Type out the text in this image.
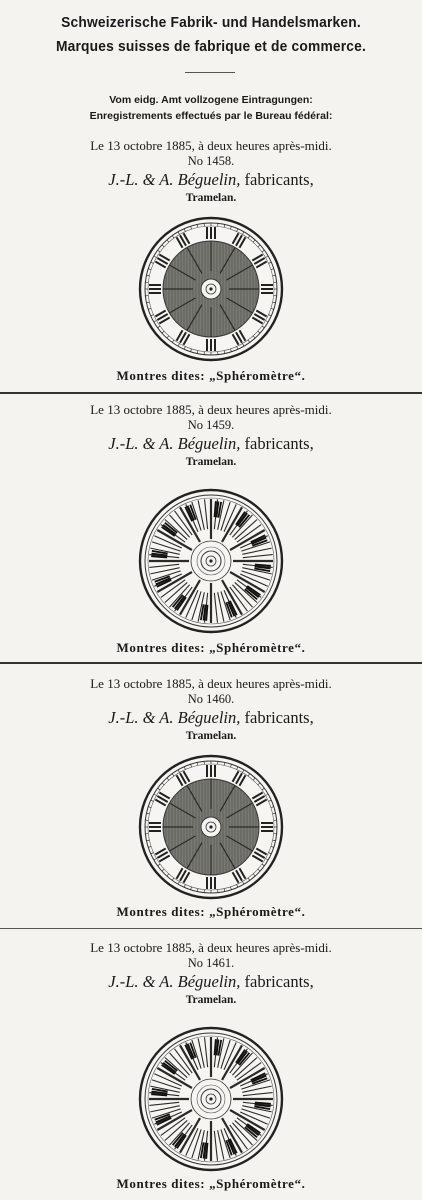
Schweizerische Fabrik- und Handelsmarken.
Marques suisses de fabrique et de commerce.
Vom eidg. Amt vollzogene Eintragungen:
Enregistrements effectués par le Bureau fédéral:
Le 13 octobre 1885, à deux heures après-midi.
No 1458.
J.-L. & A. Béguelin, fabricants,
Tramelan.
Montres dites: „Sphéromètre“.
Le 13 octobre 1885, à deux heures après-midi.
No 1459.
J.-L. & A. Béguelin, fabricants,
Tramelan.
Montres dites: „Sphéromètre“.
Le 13 octobre 1885, à deux heures après-midi.
No 1460.
J.-L. & A. Béguelin, fabricants,
Tramelan.
Montres dites: „Sphéromètre“.
Le 13 octobre 1885, à deux heures après-midi.
No 1461.
J.-L. & A. Béguelin, fabricants,
Tramelan.
Montres dites: „Sphéromètre“.
